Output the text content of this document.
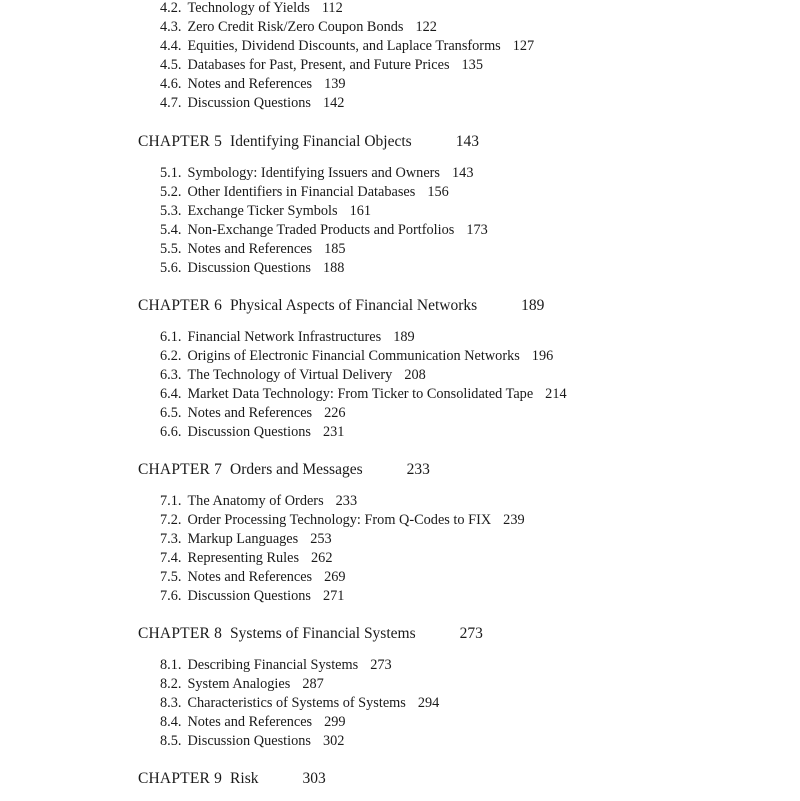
4.2. Technology of Yields 112
4.3. Zero Credit Risk/Zero Coupon Bonds 122
4.4. Equities, Dividend Discounts, and Laplace Transforms 127
4.5. Databases for Past, Present, and Future Prices 135
4.6. Notes and References 139
4.7. Discussion Questions 142
CHAPTER 5 Identifying Financial Objects	143
5.1. Symbology: Identifying Issuers and Owners 143
5.2. Other Identifiers in Financial Databases 156
5.3. Exchange Ticker Symbols 161
5.4. Non-Exchange Traded Products and Portfolios 173
5.5. Notes and References 185
5.6. Discussion Questions 188
CHAPTER 6 Physical Aspects of Financial Networks	189
6.1. Financial Network Infrastructures 189
6.2. Origins of Electronic Financial Communication Networks 196
6.3. The Technology of Virtual Delivery 208
6.4. Market Data Technology: From Ticker to Consolidated Tape 214
6.5. Notes and References 226
6.6. Discussion Questions 231
CHAPTER 7 Orders and Messages	233
7.1. The Anatomy of Orders 233
7.2. Order Processing Technology: From Q-Codes to FIX 239
7.3. Markup Languages 253
7.4. Representing Rules 262
7.5. Notes and References 269
7.6. Discussion Questions 271
CHAPTER 8 Systems of Financial Systems	273
8.1. Describing Financial Systems 273
8.2. System Analogies 287
8.3. Characteristics of Systems of Systems 294
8.4. Notes and References 299
8.5. Discussion Questions 302
CHAPTER 9 Risk	303
